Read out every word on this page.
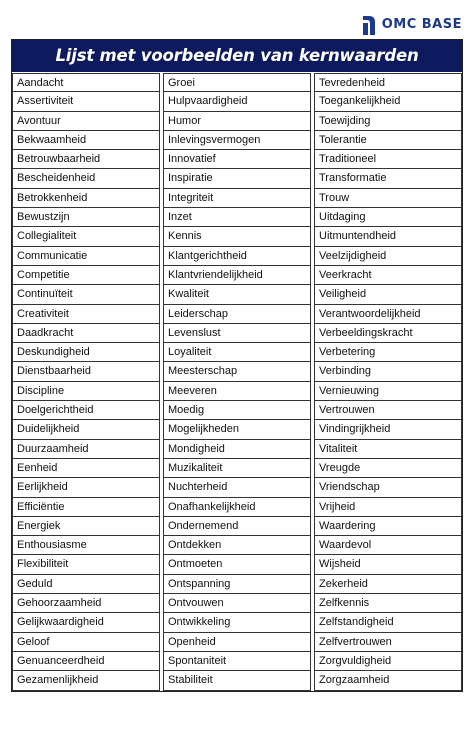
OMC BASE
Lijst met voorbeelden van kernwaarden
Aandacht
Assertiviteit
Avontuur
Bekwaamheid
Betrouwbaarheid
Bescheidenheid
Betrokkenheid
Bewustzijn
Collegialiteit
Communicatie
Competitie
Continuïteit
Creativiteit
Daadkracht
Deskundigheid
Dienstbaarheid
Discipline
Doelgerichtheid
Duidelijkheid
Duurzaamheid
Eenheid
Eerlijkheid
Efficiëntie
Energiek
Enthousiasme
Flexibiliteit
Geduld
Gehoorzaamheid
Gelijkwaardigheid
Geloof
Genuanceerdheid
Gezamenlijkheid
Groei
Hulpvaardigheid
Humor
Inlevingsvermogen
Innovatief
Inspiratie
Integriteit
Inzet
Kennis
Klantgerichtheid
Klantvriendelijkheid
Kwaliteit
Leiderschap
Levenslust
Loyaliteit
Meesterschap
Meeveren
Moedig
Mogelijkheden
Mondigheid
Muzikaliteit
Nuchterheid
Onafhankelijkheid
Ondernemend
Ontdekken
Ontmoeten
Ontspanning
Ontvouwen
Ontwikkeling
Openheid
Spontaniteit
Stabiliteit
Tevredenheid
Toegankelijkheid
Toewijding
Tolerantie
Traditioneel
Transformatie
Trouw
Uitdaging
Uitmuntendheid
Veelzijdigheid
Veerkracht
Veiligheid
Verantwoordelijkheid
Verbeeldingskracht
Verbetering
Verbinding
Vernieuwing
Vertrouwen
Vindingrijkheid
Vitaliteit
Vreugde
Vriendschap
Vrijheid
Waardering
Waardevol
Wijsheid
Zekerheid
Zelfkennis
Zelfstandigheid
Zelfvertrouwen
Zorgvuldigheid
Zorgzaamheid
